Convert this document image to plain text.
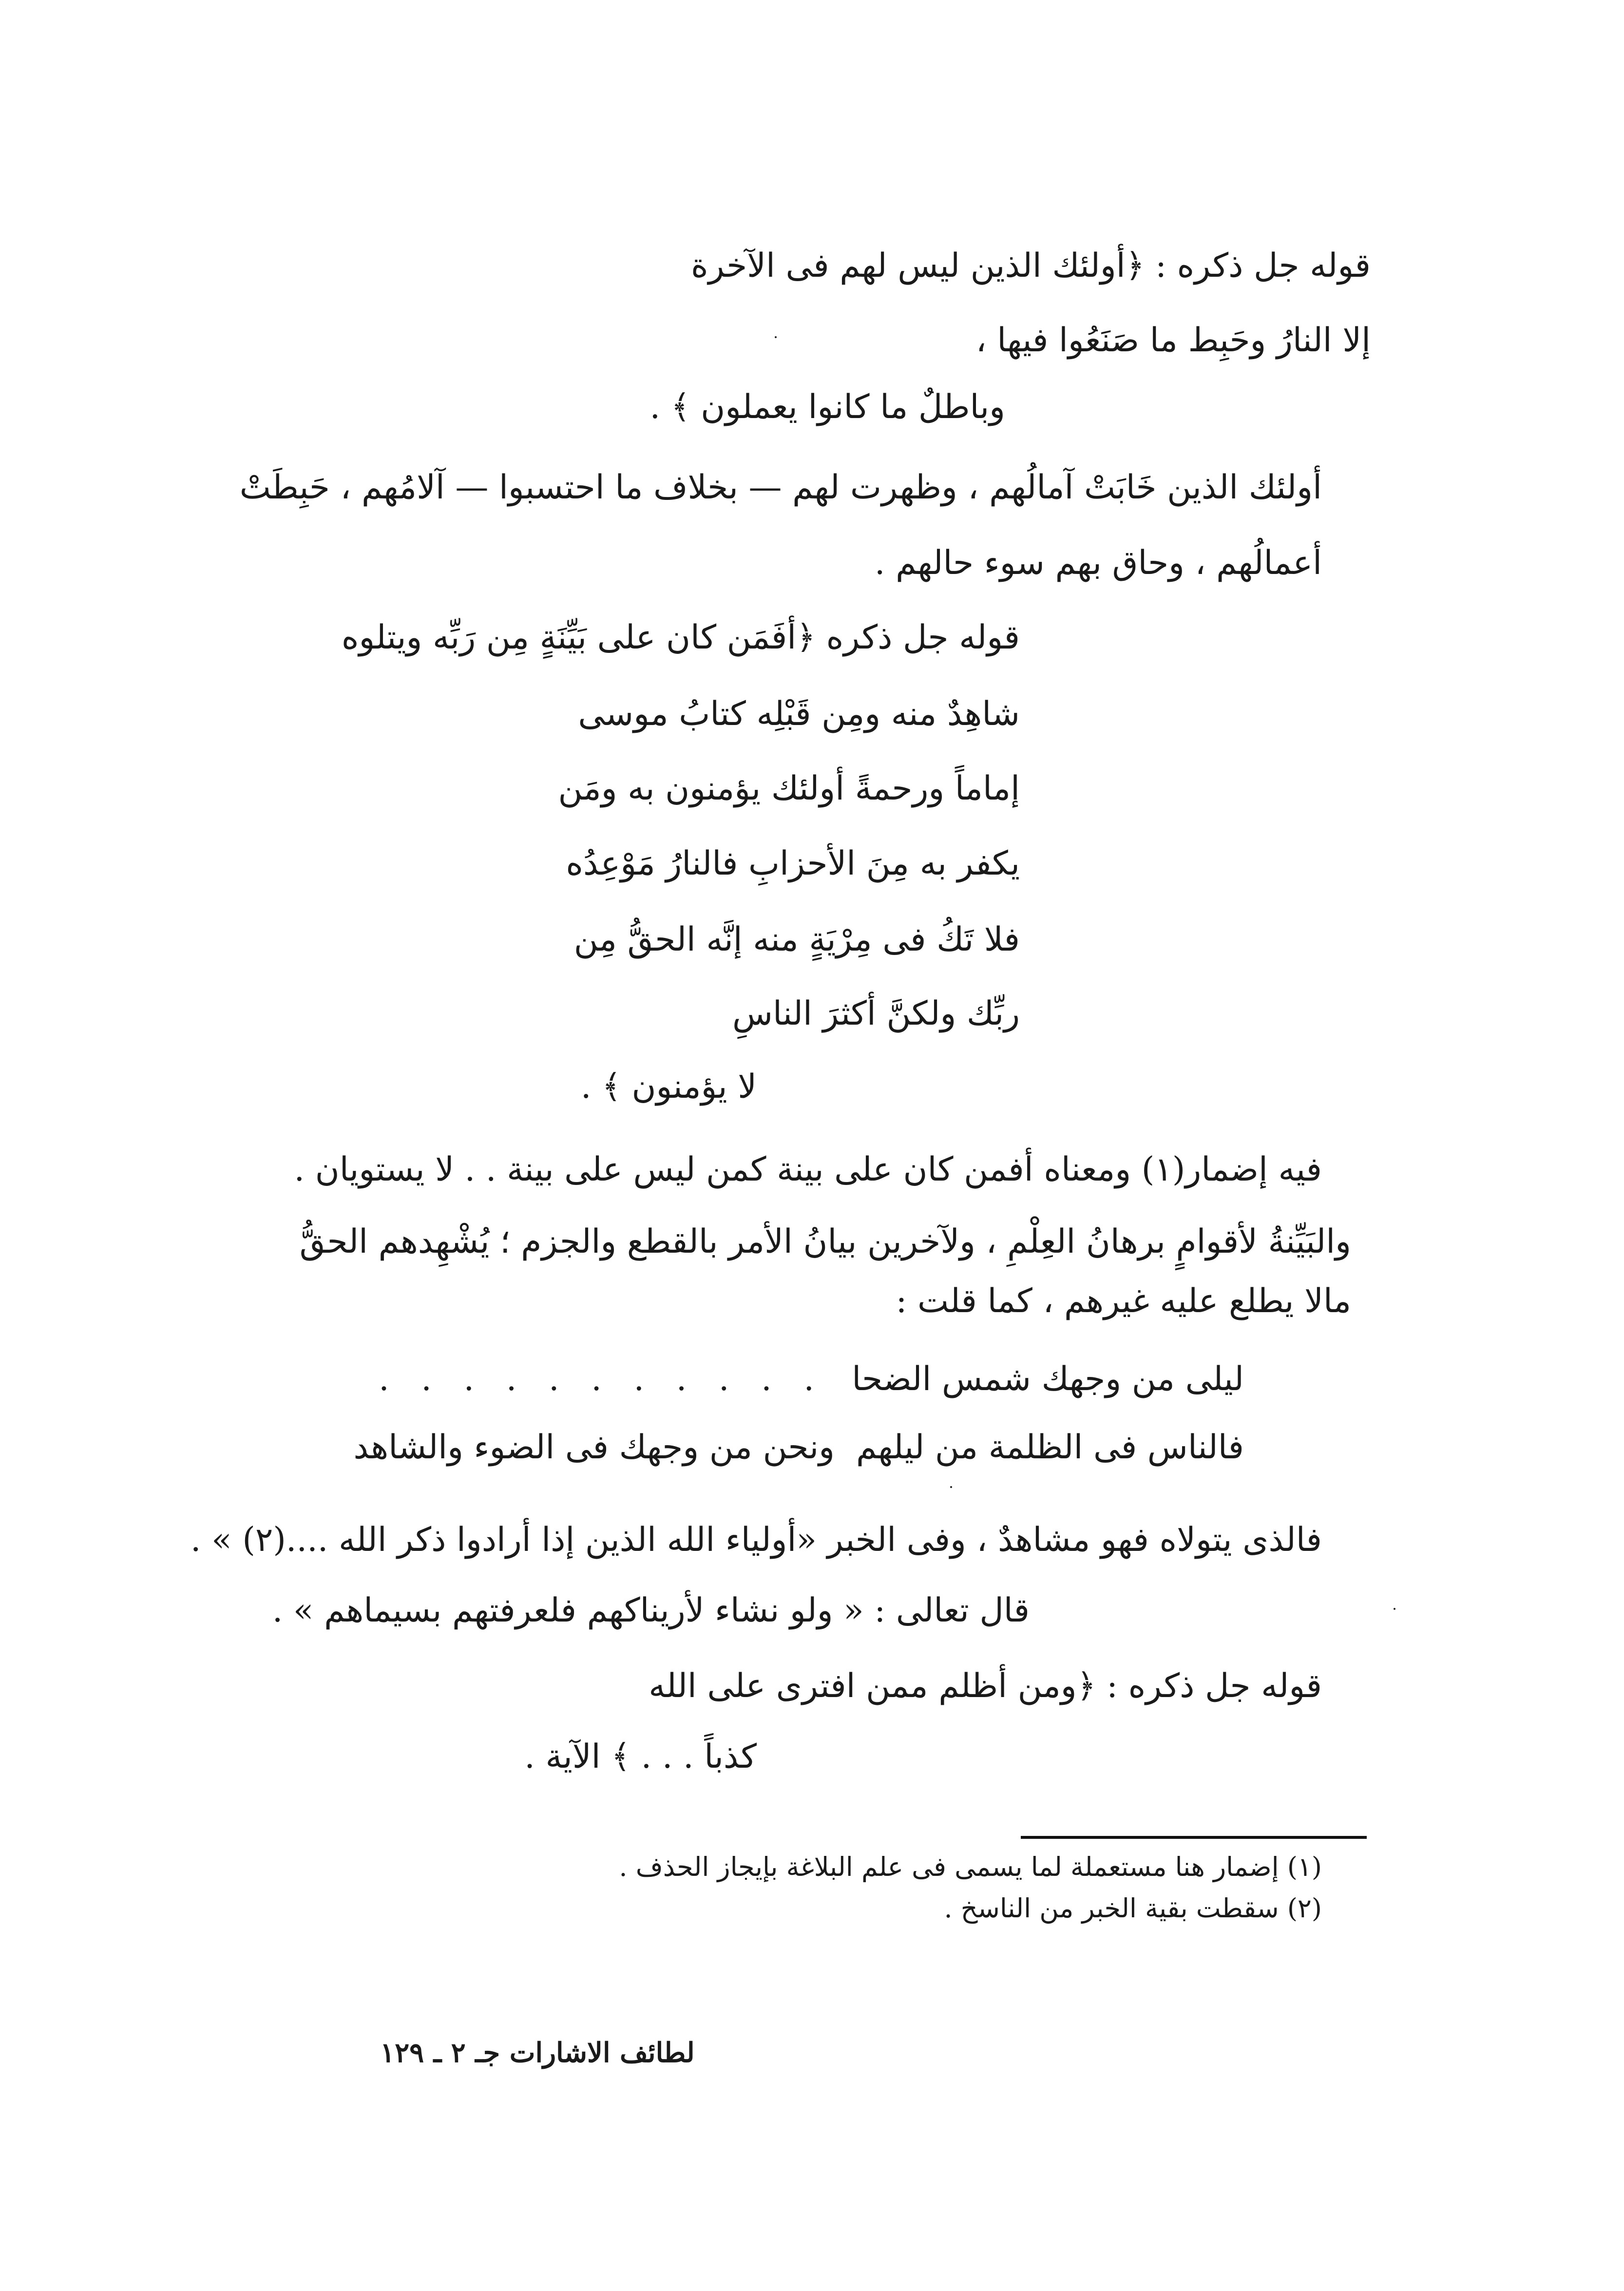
قوله جل ذكره : ﴿أولئك الذين ليس لهم فى الآخرة
إلا النارُ وحَبِط ما صَنَعُوا فيها ،
وباطلٌ ما كانوا يعملون ﴾ .
أولئك الذين خَابَتْ آمالُهم ، وظهرت لهم — بخلاف ما احتسبوا — آلامُهم ، حَبِطَتْ
أعمالُهم ، وحاق بهم سوء حالهم .
قوله جل ذكره ﴿أفَمَن كان على بَيِّنَةٍ مِن رَبِّه ويتلوه
شاهِدٌ منه ومِن قَبْلِه كتابُ موسى
إماماً ورحمةً أولئك يؤمنون به ومَن
يكفر به مِنَ الأحزابِ فالنارُ مَوْعِدُه
فلا تَكُ فى مِرْيَةٍ منه إنَّه الحقُّ مِن
ربِّك ولكنَّ أكثرَ الناسِ
لا يؤمنون ﴾ .
فيه إضمار(١) ومعناه أفمن كان على بينة كمن ليس على بينة . . لا يستويان .
والبَيِّنةُ لأقوامٍ برهانُ العِلْمِ ، ولآخرين بيانُ الأمر بالقطع والجزم ؛ يُشْهِدهم الحقُّ
مالا يطلع عليه غيرهم ، كما قلت :
ليلى من وجهك شمس الضحا
. . . . . . . . . . .
فالناس فى الظلمة من ليلهم
ونحن من وجهك فى الضوء والشاهد
فالذى يتولاه فهو مشاهدٌ ، وفى الخبر «أولياء الله الذين إذا أرادوا ذكر الله ....(٢) » .
قال تعالى : « ولو نشاء لأريناكهم فلعرفتهم بسيماهم » .
قوله جل ذكره : ﴿ومن أظلم ممن افترى على الله
كذباً . . . ﴾ الآية .
(١) إضمار هنا مستعملة لما يسمى فى علم البلاغة بإيجاز الحذف .
(٢) سقطت بقية الخبر من الناسخ .
لطائف الاشارات جـ ٢ ـ ١٢٩
